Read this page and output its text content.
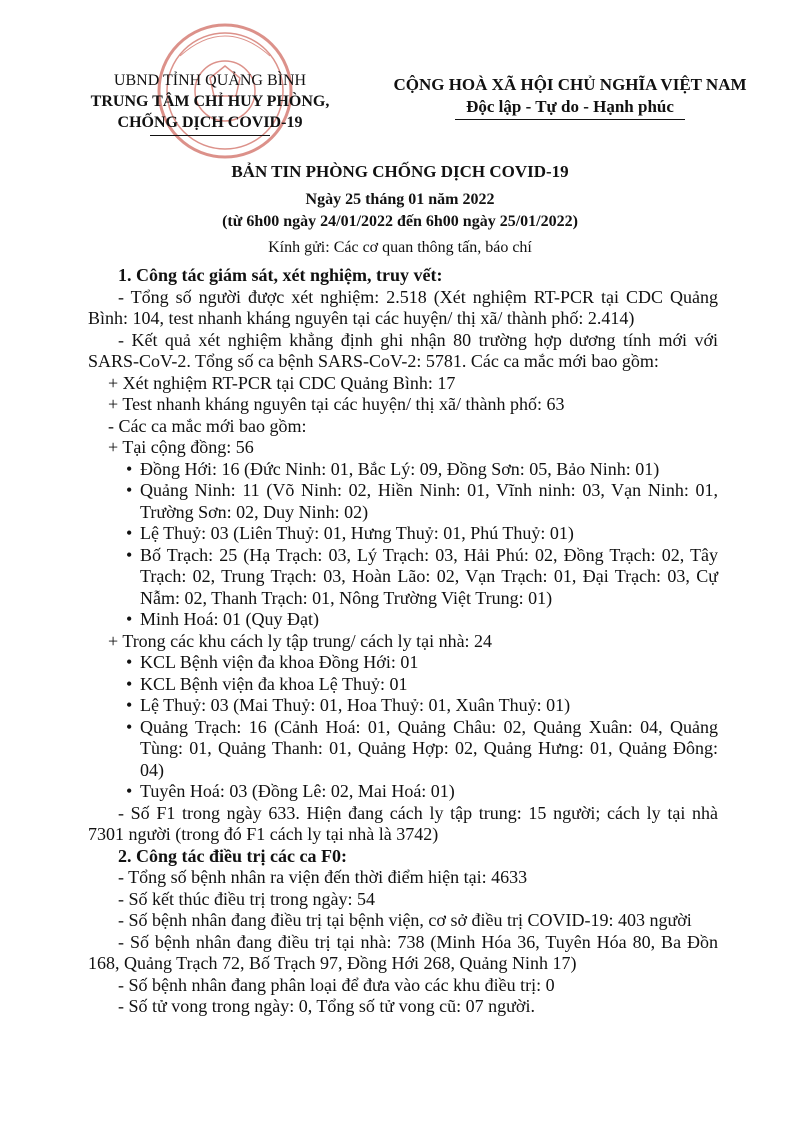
UBND TỈNH QUẢNG BÌNH
TRUNG TÂM CHỈ HUY PHÒNG,
CHỐNG DỊCH COVID-19
CỘNG HOÀ XÃ HỘI CHỦ NGHĨA VIỆT NAM
Độc lập - Tự do - Hạnh phúc
BẢN TIN PHÒNG CHỐNG DỊCH COVID-19
Ngày 25 tháng 01 năm 2022
(từ 6h00 ngày 24/01/2022 đến 6h00 ngày 25/01/2022)
Kính gửi: Các cơ quan thông tấn, báo chí

1. Công tác giám sát, xét nghiệm, truy vết:

- Tổng số người được xét nghiệm: 2.518 (Xét nghiệm RT-PCR tại CDC Quảng Bình: 104, test nhanh kháng nguyên tại các huyện/ thị xã/ thành phố: 2.414)

- Kết quả xét nghiệm khẳng định ghi nhận 80 trường hợp dương tính mới với SARS-CoV-2. Tổng số ca bệnh SARS-CoV-2: 5781. Các ca mắc mới bao gồm:

+ Xét nghiệm RT-PCR tại CDC Quảng Bình: 17

+ Test nhanh kháng nguyên tại các huyện/ thị xã/ thành phố: 63

- Các ca mắc mới bao gồm:

+ Tại cộng đồng: 56

• Đồng Hới: 16 (Đức Ninh: 01, Bắc Lý: 09, Đồng Sơn: 05, Bảo Ninh: 01)

• Quảng Ninh: 11 (Võ Ninh: 02, Hiền Ninh: 01, Vĩnh ninh: 03, Vạn Ninh: 01, Trường Sơn: 02, Duy Ninh: 02)

• Lệ Thuỷ: 03 (Liên Thuỷ: 01, Hưng Thuỷ: 01, Phú Thuỷ: 01)

• Bố Trạch: 25 (Hạ Trạch: 03, Lý Trạch: 03, Hải Phú: 02, Đồng Trạch: 02, Tây Trạch: 02, Trung Trạch: 03, Hoàn Lão: 02, Vạn Trạch: 01, Đại Trạch: 03, Cự Nẫm: 02, Thanh Trạch: 01, Nông Trường Việt Trung: 01)

• Minh Hoá: 01 (Quy Đạt)

+ Trong các khu cách ly tập trung/ cách ly tại nhà: 24

• KCL Bệnh viện đa khoa Đồng Hới: 01

• KCL Bệnh viện đa khoa Lệ Thuỷ: 01

• Lệ Thuỷ: 03 (Mai Thuỷ: 01, Hoa Thuỷ: 01, Xuân Thuỷ: 01)

• Quảng Trạch: 16 (Cảnh Hoá: 01, Quảng Châu: 02, Quảng Xuân: 04, Quảng Tùng: 01, Quảng Thanh: 01, Quảng Hợp: 02, Quảng Hưng: 01, Quảng Đông: 04)

• Tuyên Hoá: 03 (Đồng Lê: 02, Mai Hoá: 01)

- Số F1 trong ngày 633. Hiện đang cách ly tập trung: 15 người; cách ly tại nhà 7301 người (trong đó F1 cách ly tại nhà là 3742)

2. Công tác điều trị các ca F0:

- Tổng số bệnh nhân ra viện đến thời điểm hiện tại: 4633

- Số kết thúc điều trị trong ngày: 54

- Số bệnh nhân đang điều trị tại bệnh viện, cơ sở điều trị COVID-19: 403 người

- Số bệnh nhân đang điều trị tại nhà: 738 (Minh Hóa 36, Tuyên Hóa 80, Ba Đồn 168, Quảng Trạch 72, Bố Trạch 97, Đồng Hới 268, Quảng Ninh 17)

- Số bệnh nhân đang phân loại để đưa vào các khu điều trị: 0

- Số tử vong trong ngày: 0, Tổng số tử vong cũ: 07 người.
